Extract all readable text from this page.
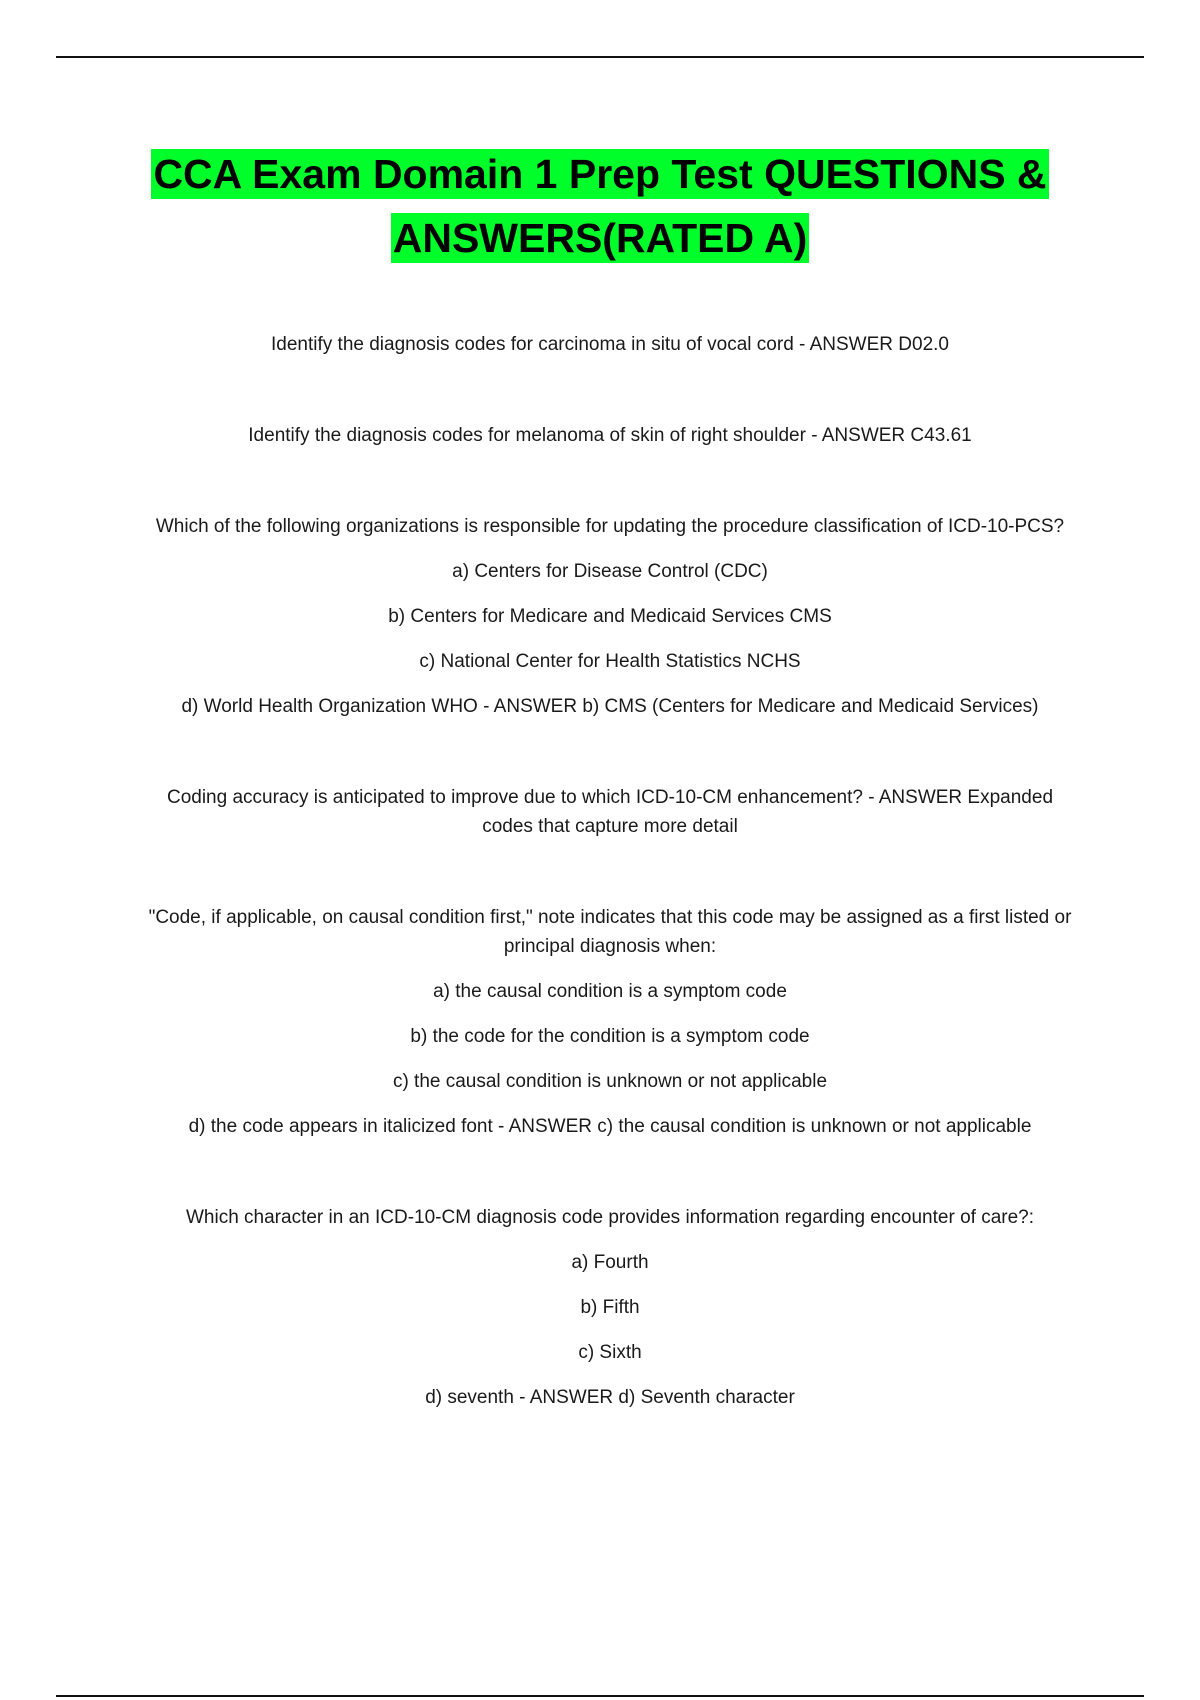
CCA Exam Domain 1 Prep Test QUESTIONS & ANSWERS(RATED A)

Identify the diagnosis codes for carcinoma in situ of vocal cord - ANSWER D02.0

Identify the diagnosis codes for melanoma of skin of right shoulder - ANSWER C43.61

Which of the following organizations is responsible for updating the procedure classification of ICD-10-PCS?

a) Centers for Disease Control (CDC)

b) Centers for Medicare and Medicaid Services CMS

c) National Center for Health Statistics NCHS

d) World Health Organization WHO - ANSWER b) CMS (Centers for Medicare and Medicaid Services)

Coding accuracy is anticipated to improve due to which ICD-10-CM enhancement? - ANSWER Expanded codes that capture more detail

"Code, if applicable, on causal condition first," note indicates that this code may be assigned as a first listed or principal diagnosis when:

a) the causal condition is a symptom code

b) the code for the condition is a symptom code

c) the causal condition is unknown or not applicable

d) the code appears in italicized font - ANSWER c) the causal condition is unknown or not applicable

Which character in an ICD-10-CM diagnosis code provides information regarding encounter of care?:

a) Fourth

b) Fifth

c) Sixth

d) seventh - ANSWER d) Seventh character
